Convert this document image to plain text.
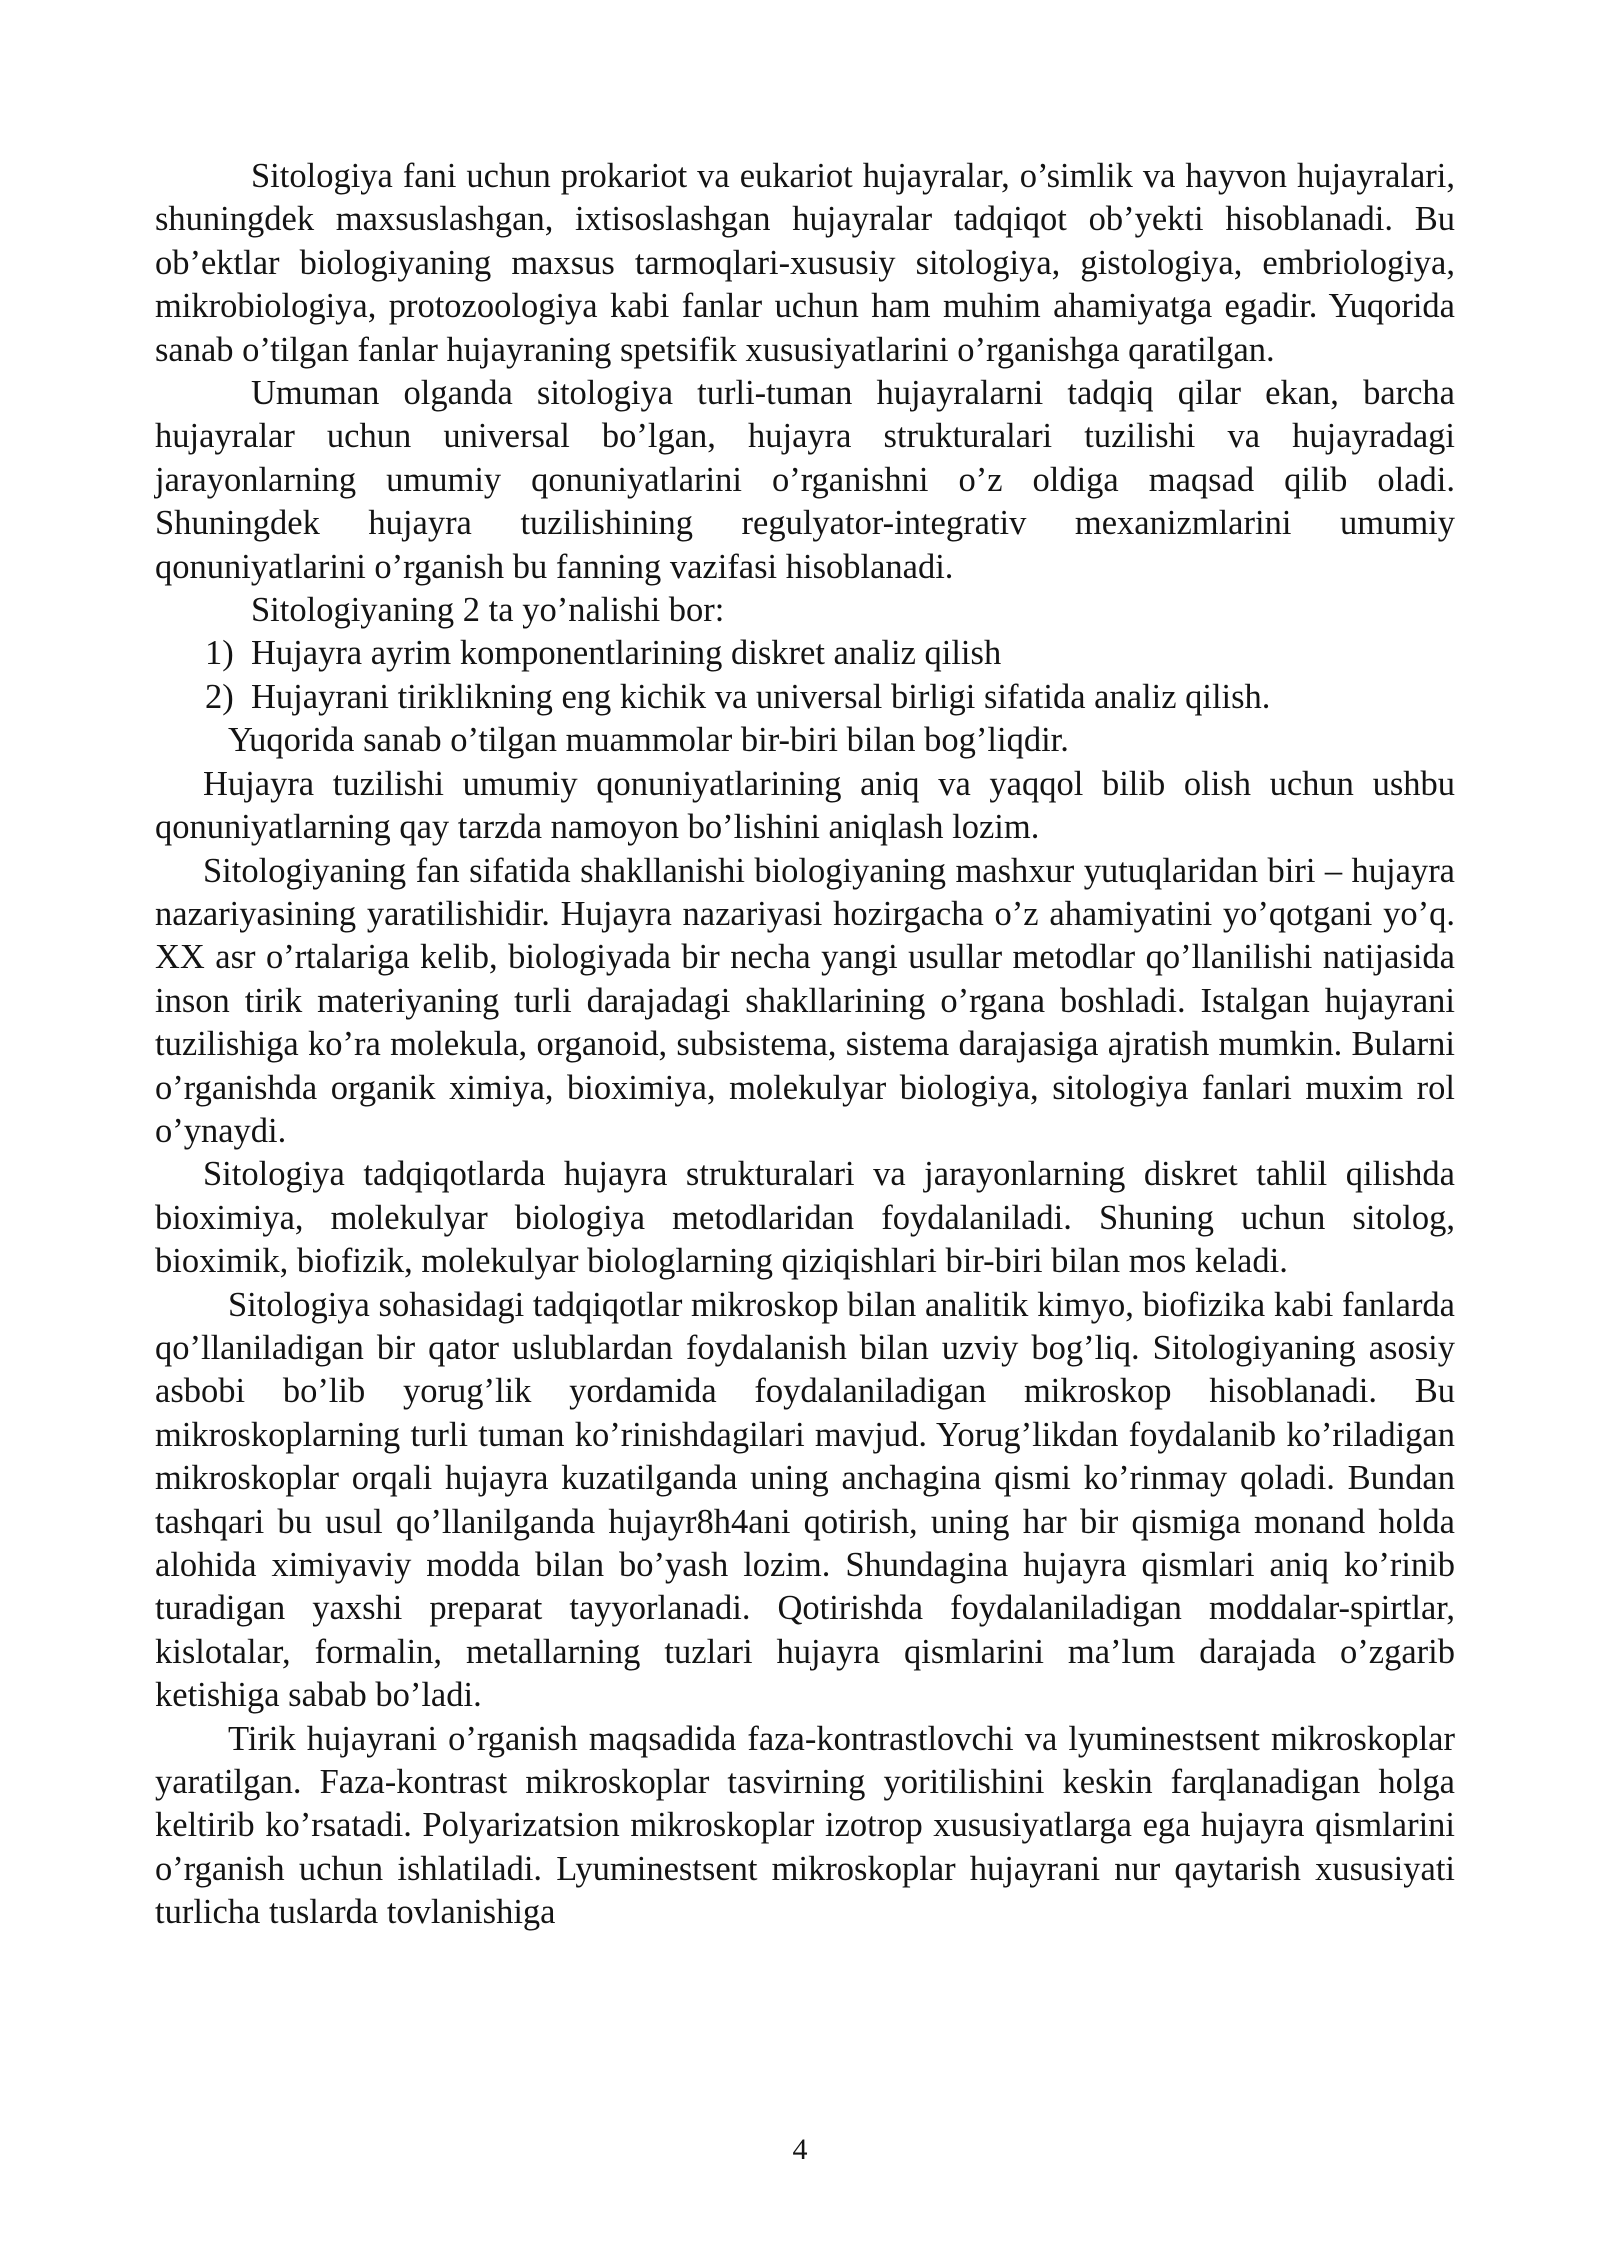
Sitologiya fani uchun prokariot va eukariot hujayralar, o’simlik va hayvon hujayralari, shuningdek maxsuslashgan, ixtisoslashgan hujayralar tadqiqot ob’yekti hisoblanadi. Bu ob’ektlar biologiyaning maxsus tarmoqlari-xususiy sitologiya, gistologiya, embriologiya, mikrobiologiya, protozoologiya kabi fanlar uchun ham muhim ahamiyatga egadir. Yuqorida sanab o’tilgan fanlar hujayraning spetsifik xususiyatlarini o’rganishga qaratilgan.

Umuman olganda sitologiya turli-tuman hujayralarni tadqiq qilar ekan, barcha hujayralar uchun universal bo’lgan, hujayra strukturalari tuzilishi va hujayradagi jarayonlarning umumiy qonuniyatlarini o’rganishni o’z oldiga maqsad qilib oladi. Shuningdek hujayra tuzilishining regulyator-integrativ mexanizmlarini umumiy qonuniyatlarini o’rganish bu fanning vazifasi hisoblanadi.

Sitologiyaning 2 ta yo’nalishi bor:

1) Hujayra ayrim komponentlarining diskret analiz qilish
2) Hujayrani tiriklikning eng kichik va universal birligi sifatida analiz qilish.

Yuqorida sanab o’tilgan muammolar bir-biri bilan bog’liqdir.

Hujayra tuzilishi umumiy qonuniyatlarining aniq va yaqqol bilib olish uchun ushbu qonuniyatlarning qay tarzda namoyon bo’lishini aniqlash lozim.

Sitologiyaning fan sifatida shakllanishi biologiyaning mashxur yutuqlaridan biri – hujayra nazariyasining yaratilishidir. Hujayra nazariyasi hozirgacha o’z ahamiyatini yo’qotgani yo’q. XX asr o’rtalariga kelib, biologiyada bir necha yangi usullar metodlar qo’llanilishi natijasida inson tirik materiyaning turli darajadagi shakllarining o’rgana boshladi. Istalgan hujayrani tuzilishiga ko’ra molekula, organoid, subsistema, sistema darajasiga ajratish mumkin. Bularni o’rganishda organik ximiya, bioximiya, molekulyar biologiya, sitologiya fanlari muxim rol o’ynaydi.

Sitologiya tadqiqotlarda hujayra strukturalari va jarayonlarning diskret tahlil qilishda bioximiya, molekulyar biologiya metodlaridan foydalaniladi. Shuning uchun sitolog, bioximik, biofizik, molekulyar biologlarning qiziqishlari bir-biri bilan mos keladi.

Sitologiya sohasidagi tadqiqotlar mikroskop bilan analitik kimyo, biofizika kabi fanlarda qo’llaniladigan bir qator uslublardan foydalanish bilan uzviy bog’liq. Sitologiyaning asosiy asbobi bo’lib yorug’lik yordamida foydalaniladigan mikroskop hisoblanadi. Bu mikroskoplarning turli tuman ko’rinishdagilari mavjud. Yorug’likdan foydalanib ko’riladigan mikroskoplar orqali hujayra kuzatilganda uning anchagina qismi ko’rinmay qoladi. Bundan tashqari bu usul qo’llanilganda hujayr8h4ani qotirish, uning har bir qismiga monand holda alohida ximiyaviy modda bilan bo’yash lozim. Shundagina hujayra qismlari aniq ko’rinib turadigan yaxshi preparat tayyorlanadi. Qotirishda foydalaniladigan moddalar-spirtlar, kislotalar, formalin, metallarning tuzlari hujayra qismlarini ma’lum darajada o’zgarib ketishiga sabab bo’ladi.

Tirik hujayrani o’rganish maqsadida faza-kontrastlovchi va lyuminestsent mikroskoplar yaratilgan. Faza-kontrast mikroskoplar tasvirning yoritilishini keskin farqlanadigan holga keltirib ko’rsatadi. Polyarizatsion mikroskoplar izotrop xususiyatlarga ega hujayra qismlarini o’rganish uchun ishlatiladi. Lyuminestsent mikroskoplar hujayrani nur qaytarish xususiyati turlicha tuslarda tovlanishiga

4
